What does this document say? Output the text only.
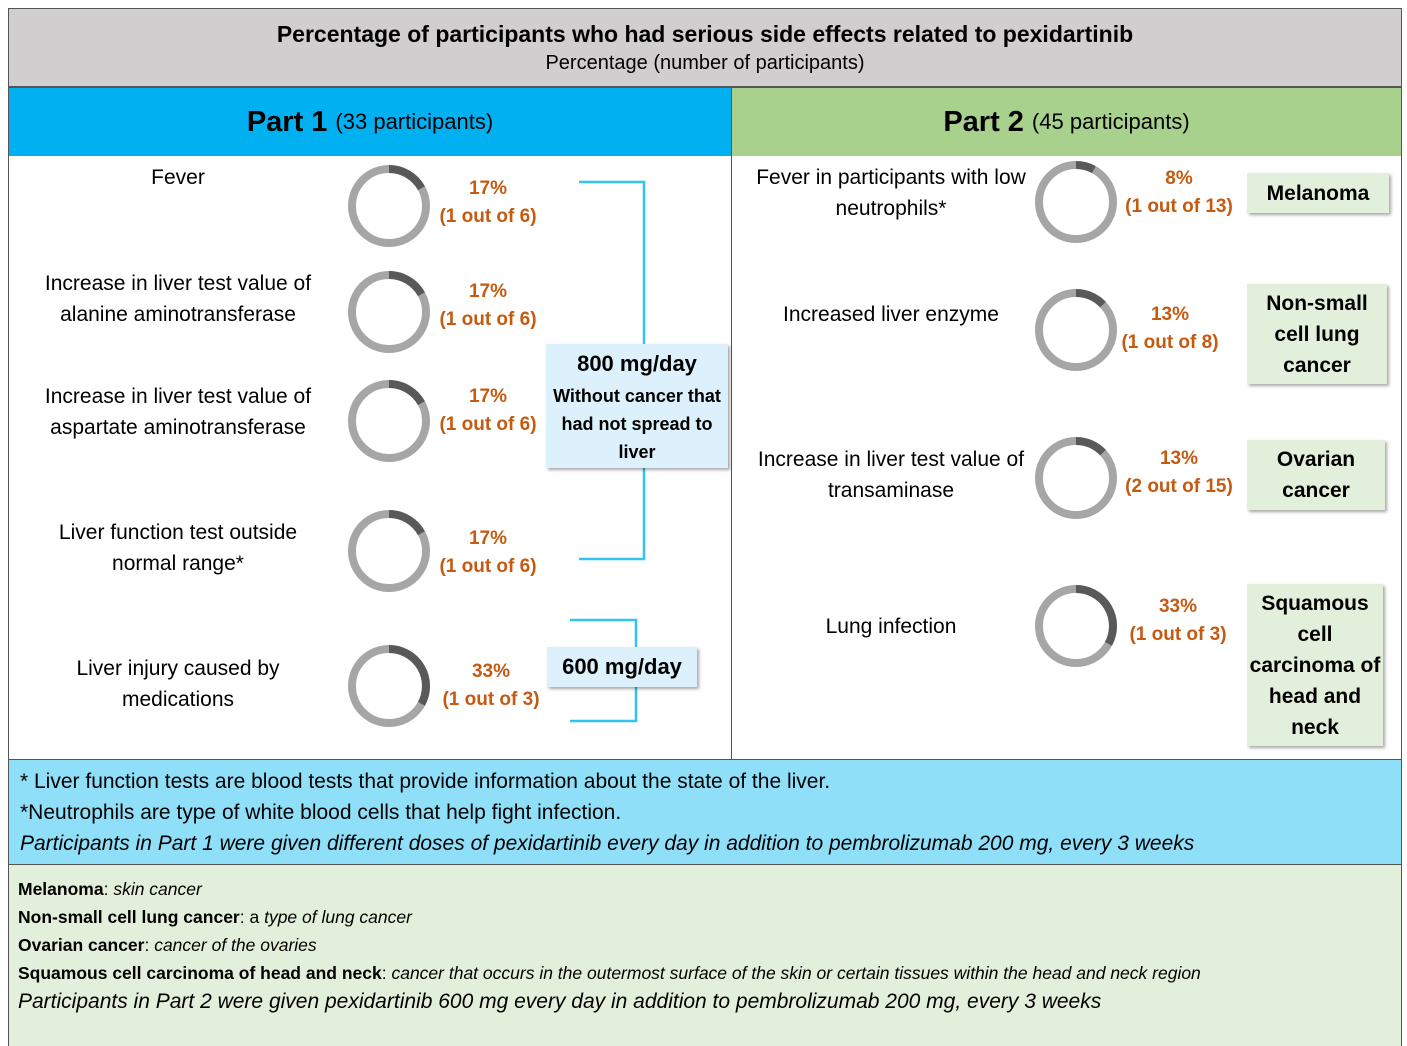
Percentage of participants who had serious side effects related to pexidartinib
Percentage (number of participants)
Part 1 (33 participants)	Part 2 (45 participants)
Fever
Increase in liver test value of alanine aminotransferase
Increase in liver test value of aspartate aminotransferase
Liver function test outside normal range*
Liver injury caused by medications
17%
(1 out of 6)
17%
(1 out of 6)
17%
(1 out of 6)
17%
(1 out of 6)
33%
(1 out of 3)
Fever in participants with low neutrophils*
Increased liver enzyme
Increase in liver test value of transaminase
Lung infection
8%
(1 out of 13)
13%
(1 out of 8)
13%
(2 out of 15)
33%
(1 out of 3)
800 mg/day
Without cancer that had not spread to liver
600 mg/day
Melanoma
Non-small cell lung cancer
Ovarian cancer
Squamous cell carcinoma of head and neck
* Liver function tests are blood tests that provide information about the state of the liver.
*Neutrophils are type of white blood cells that help fight infection.
Participants in Part 1 were given different doses of pexidartinib every day in addition to pembrolizumab 200 mg, every 3 weeks
Melanoma: skin cancer
Non-small cell lung cancer: a type of lung cancer
Ovarian cancer: cancer of the ovaries
Squamous cell carcinoma of head and neck: cancer that occurs in the outermost surface of the skin or certain tissues within the head and neck region
Participants in Part 2 were given pexidartinib 600 mg every day in addition to pembrolizumab 200 mg, every 3 weeks
